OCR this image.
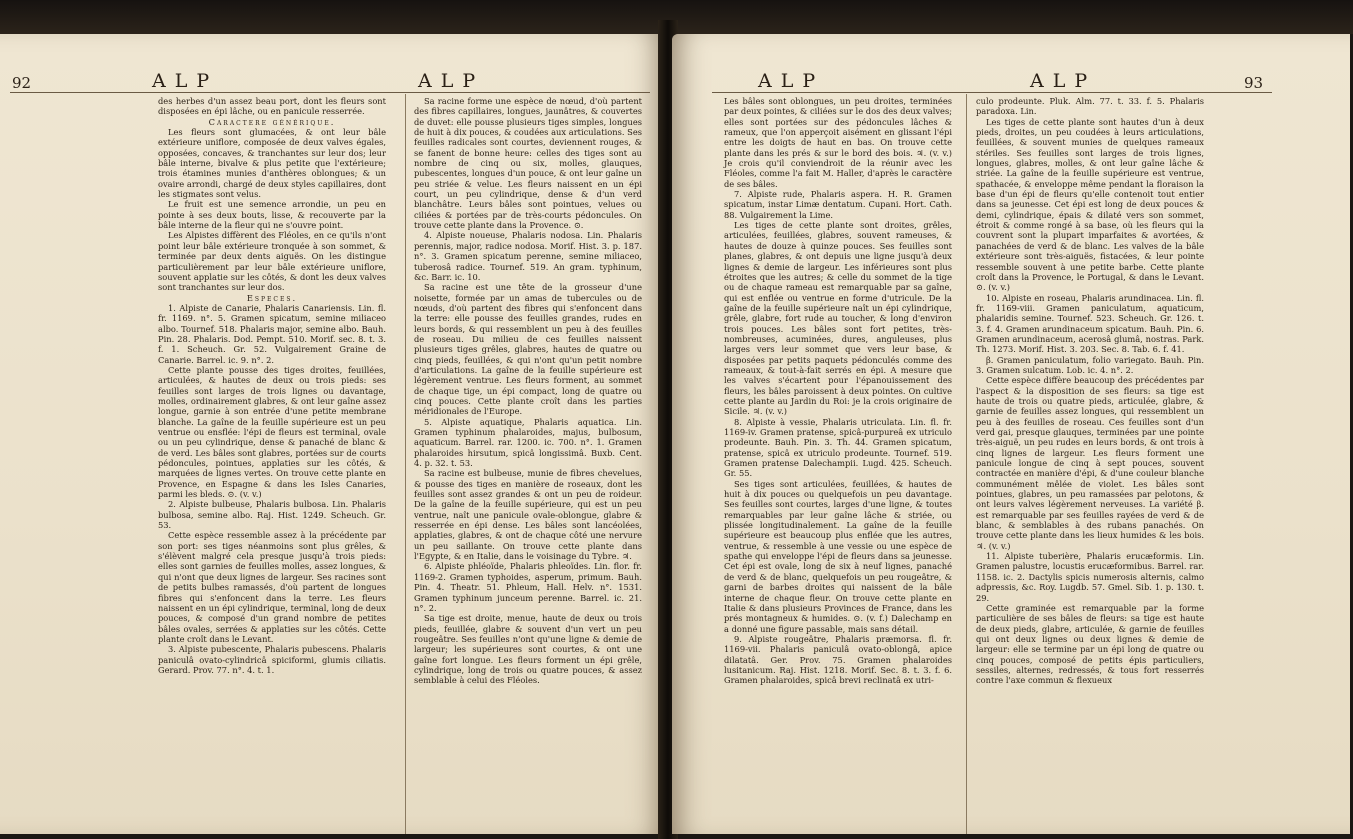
92	ALP	ALP

des herbes d'un assez beau port, dont les fleurs sont disposées en épi lâche, ou en panicule resserrée.

Caractere générique.

Les fleurs sont glumacées, & ont leur bâle extérieure uniflore, composée de deux valves égales, opposées, concaves, & tranchantes sur leur dos; leur bâle interne, bivalve & plus petite que l'extérieure; trois étamines munies d'anthères oblongues; & un ovaire arrondi, chargé de deux styles capillaires, dont les stigmates sont velus.

Le fruit est une semence arrondie, un peu en pointe à ses deux bouts, lisse, & recouverte par la bâle interne de la fleur qui ne s'ouvre point.

Les Alpistes diffèrent des Fléoles, en ce qu'ils n'ont point leur bâle extérieure tronquée à son sommet, & terminée par deux dents aiguës. On les distingue particulièrement par leur bâle extérieure uniflore, souvent applatie sur les côtés, & dont les deux valves sont tranchantes sur leur dos.

Especes.

1. Alpiste de Canarie, Phalaris Canariensis. Lin. fl. fr. 1169. n°. 5. Gramen spicatum, semine miliaceo albo. Tournef. 518. Phalaris major, semine albo. Bauh. Pin. 28. Phalaris. Dod. Pempt. 510. Morif. sec. 8. t. 3. f. 1. Scheuch. Gr. 52. Vulgairement Graine de Canarie. Barrel. ic. 9. n°. 2.

Cette plante pousse des tiges droites, feuillées, articulées, & hautes de deux ou trois pieds: ses feuilles sont larges de trois lignes ou davantage, molles, ordinairement glabres, & ont leur gaîne assez longue, garnie à son entrée d'une petite membrane blanche. La gaîne de la feuille supérieure est un peu ventrue ou ensflée: l'épi de fleurs est terminal, ovale ou un peu cylindrique, dense & panaché de blanc & de verd. Les bâles sont glabres, portées sur de courts pédoncules, pointues, applaties sur les côtés, & marquées de lignes vertes. On trouve cette plante en Provence, en Espagne & dans les Isles Canaries, parmi les bleds. ⊙. (v. v.)

2. Alpiste bulbeuse, Phalaris bulbosa. Lin. Phalaris bulbosa, semine albo. Raj. Hist. 1249. Scheuch. Gr. 53.

Cette espèce ressemble assez à la précédente par son port: ses tiges néanmoins sont plus grêles, & s'élèvent malgré cela presque jusqu'à trois pieds: elles sont garnies de feuilles molles, assez longues, & qui n'ont que deux lignes de largeur. Ses racines sont de petits bulbes ramassés, d'où partent de longues fibres qui s'enfoncent dans la terre. Les fleurs naissent en un épi cylindrique, terminal, long de deux pouces, & composé d'un grand nombre de petites bâles ovales, serrées & applaties sur les côtés. Cette plante croît dans le Levant.

3. Alpiste pubescente, Phalaris pubescens. Phalaris paniculâ ovato-cylindricâ spiciformi, glumis ciliatis. Gerard. Prov. 77. n°. 4. t. 1.

Sa racine forme une espèce de nœud, d'où partent des fibres capillaires, longues, jaunâtres, & couvertes de duvet: elle pousse plusieurs tiges simples, longues de huit à dix pouces, & coudées aux articulations. Ses feuilles radicales sont courtes, deviennent rouges, & se fanent de bonne heure: celles des tiges sont au nombre de cinq ou six, molles, glauques, pubescentes, longues d'un pouce, & ont leur gaîne un peu striée & velue. Les fleurs naissent en un épi court, un peu cylindrique, dense & d'un verd blanchâtre. Leurs bâles sont pointues, velues ou ciliées & portées par de très-courts pédoncules. On trouve cette plante dans la Provence. ⊙.

4. Alpiste noueuse, Phalaris nodosa. Lin. Phalaris perennis, major, radice nodosa. Morif. Hist. 3. p. 187. n°. 3. Gramen spicatum perenne, semine miliaceo, tuberosâ radice. Tournef. 519. An gram. typhinum, &c. Barr. ic. 10.

Sa racine est une tête de la grosseur d'une noisette, formée par un amas de tubercules ou de nœuds, d'où partent des fibres qui s'enfoncent dans la terre: elle pousse des feuilles grandes, rudes en leurs bords, & qui ressemblent un peu à des feuilles de roseau. Du milieu de ces feuilles naissent plusieurs tiges grêles, glabres, hautes de quatre ou cinq pieds, feuillées, & qui n'ont qu'un petit nombre d'articulations. La gaîne de la feuille supérieure est légèrement ventrue. Les fleurs forment, au sommet de chaque tige, un épi compact, long de quatre ou cinq pouces. Cette plante croît dans les parties méridionales de l'Europe.

5. Alpiste aquatique, Phalaris aquatica. Lin. Gramen typhinum phalaroides, majus, bulbosum, aquaticum. Barrel. rar. 1200. ic. 700. n°. 1. Gramen phalaroides hirsutum, spicâ longissimâ. Buxb. Cent. 4. p. 32. t. 53.

Sa racine est bulbeuse, munie de fibres chevelues, & pousse des tiges en manière de roseaux, dont les feuilles sont assez grandes & ont un peu de roideur. De la gaîne de la feuille supérieure, qui est un peu ventrue, naît une panicule ovale-oblongue, glabre & resserrée en épi dense. Les bâles sont lancéolées, applaties, glabres, & ont de chaque côté une nervure un peu saillante. On trouve cette plante dans l'Egypte, & en Italie, dans le voisinage du Tybre. ♃.

6. Alpiste phléoïde, Phalaris phleoïdes. Lin. flor. fr. 1169-2. Gramen typhoides, asperum, primum. Bauh. Pin. 4. Theatr. 51. Phleum, Hall. Helv. n°. 1531. Gramen typhinum junceum perenne. Barrel. ic. 21. n°. 2.

Sa tige est droite, menue, haute de deux ou trois pieds, feuillée, glabre & souvent d'un vert un peu rougeâtre. Ses feuilles n'ont qu'une ligne & demie de largeur; les supérieures sont courtes, & ont une gaîne fort longue. Les fleurs forment un épi grêle, cylindrique, long de trois ou quatre pouces, & assez semblable à celui des Fléoles.

ALP	ALP	93

Les bâles sont oblongues, un peu droites, terminées par deux pointes, & ciliées sur le dos des deux valves; elles sont portées sur des pédoncules lâches & rameux, que l'on apperçoit aisément en glissant l'épi entre les doigts de haut en bas. On trouve cette plante dans les prés & sur le bord des bois. ♃. (v. v.) Je crois qu'il conviendroit de la réunir avec les Fléoles, comme l'a fait M. Haller, d'après le caractère de ses bâles.

7. Alpiste rude, Phalaris aspera. H. R. Gramen spicatum, instar Limæ dentatum. Cupani. Hort. Cath. 88. Vulgairement la Lime.

Les tiges de cette plante sont droites, grêles, articulées, feuillées, glabres, souvent rameuses, & hautes de douze à quinze pouces. Ses feuilles sont planes, glabres, & ont depuis une ligne jusqu'à deux lignes & demie de largeur. Les inférieures sont plus étroites que les autres; & celle du sommet de la tige ou de chaque rameau est remarquable par sa gaîne, qui est enflée ou ventrue en forme d'utricule. De la gaîne de la feuille supérieure naît un épi cylindrique, grêle, glabre, fort rude au toucher, & long d'environ trois pouces. Les bâles sont fort petites, très-nombreuses, acuminées, dures, anguleuses, plus larges vers leur sommet que vers leur base, & disposées par petits paquets pédonculés comme des rameaux, & tout-à-fait serrés en épi. A mesure que les valves s'écartent pour l'épanouissement des fleurs, les bâles paroissent à deux pointes. On cultive cette plante au Jardin du Roi: je la crois originaire de Sicile. ♃. (v. v.)

8. Alpiste à vessie, Phalaris utriculata. Lin. fl. fr. 1169-iv. Gramen pratense, spicâ-purpureâ ex utriculo prodeunte. Bauh. Pin. 3. Th. 44. Gramen spicatum, pratense, spicâ ex utriculo prodeunte. Tournef. 519. Gramen pratense Dalechampii. Lugd. 425. Scheuch. Gr. 55.

Ses tiges sont articulées, feuillées, & hautes de huit à dix pouces ou quelquefois un peu davantage. Ses feuilles sont courtes, larges d'une ligne, & toutes remarquables par leur gaîne lâche & striée, ou plissée longitudinalement. La gaîne de la feuille supérieure est beaucoup plus enflée que les autres, ventrue, & ressemble à une vessie ou une espèce de spathe qui enveloppe l'épi de fleurs dans sa jeunesse. Cet épi est ovale, long de six à neuf lignes, panaché de verd & de blanc, quelquefois un peu rougeâtre, & garni de barbes droites qui naissent de la bâle interne de chaque fleur. On trouve cette plante en Italie & dans plusieurs Provinces de France, dans les prés montagneux & humides. ⊙. (v. f.) Dalechamp en a donné une figure passable, mais sans détail.

9. Alpiste rougeâtre, Phalaris præmorsa. fl. fr. 1169-vii. Phalaris paniculâ ovato-oblongâ, apice dilatatâ. Ger. Prov. 75. Gramen phalaroides lusitanicum. Raj. Hist. 1218. Morif. Sec. 8. t. 3. f. 6. Gramen phalaroides, spicâ brevi reclinatâ ex utri-

culo prodeunte. Pluk. Alm. 77. t. 33. f. 5. Phalaris paradoxa. Lin.

Les tiges de cette plante sont hautes d'un à deux pieds, droites, un peu coudées à leurs articulations, feuillées, & souvent munies de quelques rameaux stériles. Ses feuilles sont larges de trois lignes, longues, glabres, molles, & ont leur gaîne lâche & striée. La gaîne de la feuille supérieure est ventrue, spathacée, & enveloppe même pendant la floraison la base d'un épi de fleurs qu'elle contenoit tout entier dans sa jeunesse. Cet épi est long de deux pouces & demi, cylindrique, épais & dilaté vers son sommet, étroit & comme rongé à sa base, où les fleurs qui la couvrent sont la plupart imparfaites & avortées, & panachées de verd & de blanc. Les valves de la bâle extérieure sont très-aiguës, fistacées, & leur pointe ressemble souvent à une petite barbe. Cette plante croît dans la Provence, le Portugal, & dans le Levant. ⊙. (v. v.)

10. Alpiste en roseau, Phalaris arundinacea. Lin. fl. fr. 1169-viii. Gramen paniculatum, aquaticum, phalaridis semine. Tournef. 523. Scheuch. Gr. 126. t. 3. f. 4. Gramen arundinaceum spicatum. Bauh. Pin. 6. Gramen arundinaceum, acerosâ glumâ, nostras. Park. Th. 1273. Morif. Hist. 3. 203. Sec. 8. Tab. 6. f. 41.

β. Gramen paniculatum, folio variegato. Bauh. Pin. 3. Gramen sulcatum. Lob. ic. 4. n°. 2.

Cette espèce diffère beaucoup des précédentes par l'aspect & la disposition de ses fleurs: sa tige est haute de trois ou quatre pieds, articulée, glabre, & garnie de feuilles assez longues, qui ressemblent un peu à des feuilles de roseau. Ces feuilles sont d'un verd gai, presque glauques, terminées par une pointe très-aiguë, un peu rudes en leurs bords, & ont trois à cinq lignes de largeur. Les fleurs forment une panicule longue de cinq à sept pouces, souvent contractée en manière d'épi, & d'une couleur blanche communément mêlée de violet. Les bâles sont pointues, glabres, un peu ramassées par pelotons, & ont leurs valves légèrement nerveuses. La variété β. est remarquable par ses feuilles rayées de verd & de blanc, & semblables à des rubans panachés. On trouve cette plante dans les lieux humides & les bois. ♃. (v. v.)

11. Alpiste tuberière, Phalaris erucæformis. Lin. Gramen palustre, locustis erucæformibus. Barrel. rar. 1158. ic. 2. Dactylis spicis numerosis alternis, calmo adpressis, &c. Roy. Lugdb. 57. Gmel. Sib. 1. p. 130. t. 29.

Cette graminée est remarquable par la forme particulière de ses bâles de fleurs: sa tige est haute de deux pieds, glabre, articulée, & garnie de feuilles qui ont deux lignes ou deux lignes & demie de largeur: elle se termine par un épi long de quatre ou cinq pouces, composé de petits épis particuliers, sessiles, alternes, redressés, & tous fort resserrés contre l'axe commun & flexueux
